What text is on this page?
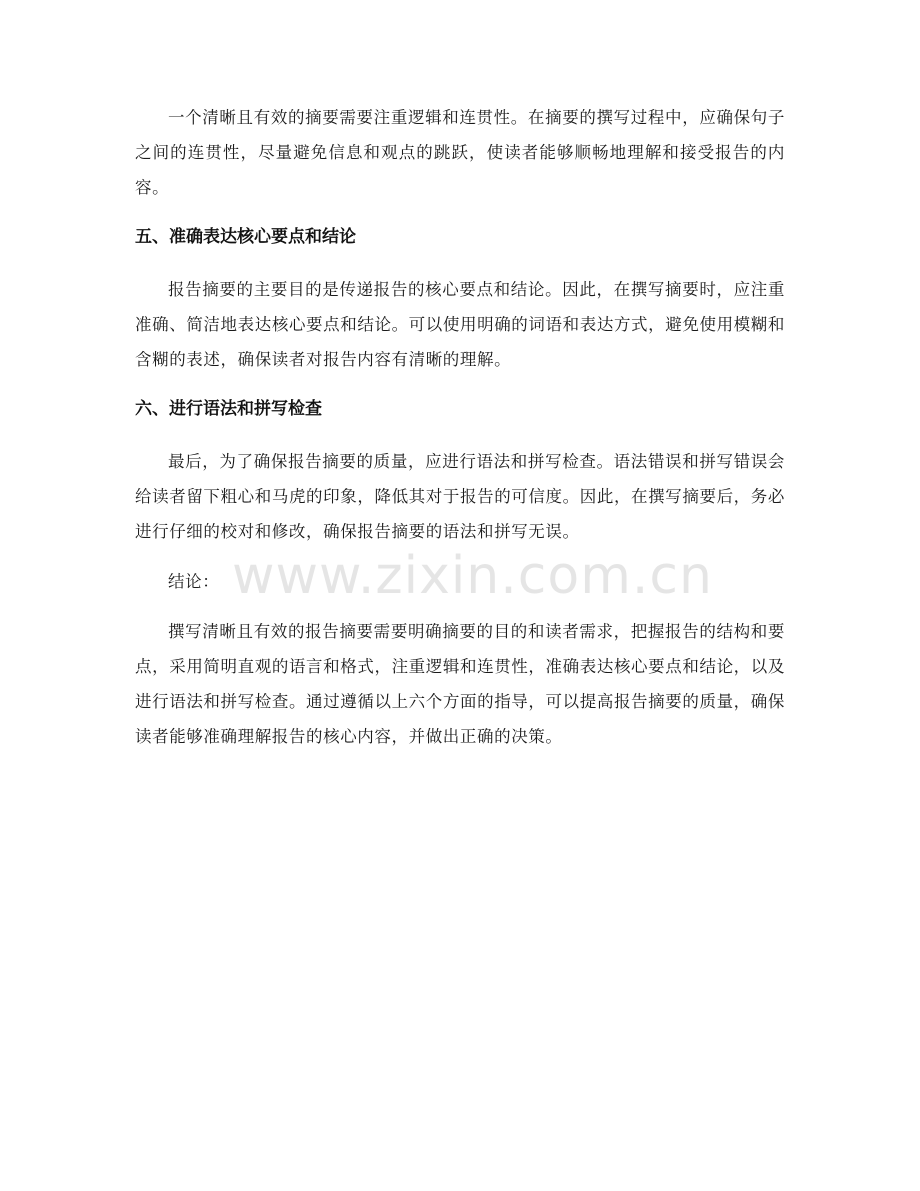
一个清晰且有效的摘要需要注重逻辑和连贯性。在摘要的撰写过程中，应确保句子之间的连贯性，尽量避免信息和观点的跳跃，使读者能够顺畅地理解和接受报告的内容。

五、准确表达核心要点和结论

报告摘要的主要目的是传递报告的核心要点和结论。因此，在撰写摘要时，应注重准确、简洁地表达核心要点和结论。可以使用明确的词语和表达方式，避免使用模糊和含糊的表述，确保读者对报告内容有清晰的理解。

六、进行语法和拼写检查

最后，为了确保报告摘要的质量，应进行语法和拼写检查。语法错误和拼写错误会给读者留下粗心和马虎的印象，降低其对于报告的可信度。因此，在撰写摘要后，务必进行仔细的校对和修改，确保报告摘要的语法和拼写无误。

结论：

撰写清晰且有效的报告摘要需要明确摘要的目的和读者需求，把握报告的结构和要点，采用简明直观的语言和格式，注重逻辑和连贯性，准确表达核心要点和结论，以及进行语法和拼写检查。通过遵循以上六个方面的指导，可以提高报告摘要的质量，确保读者能够准确理解报告的核心内容，并做出正确的决策。

www.zixin.com.cn
